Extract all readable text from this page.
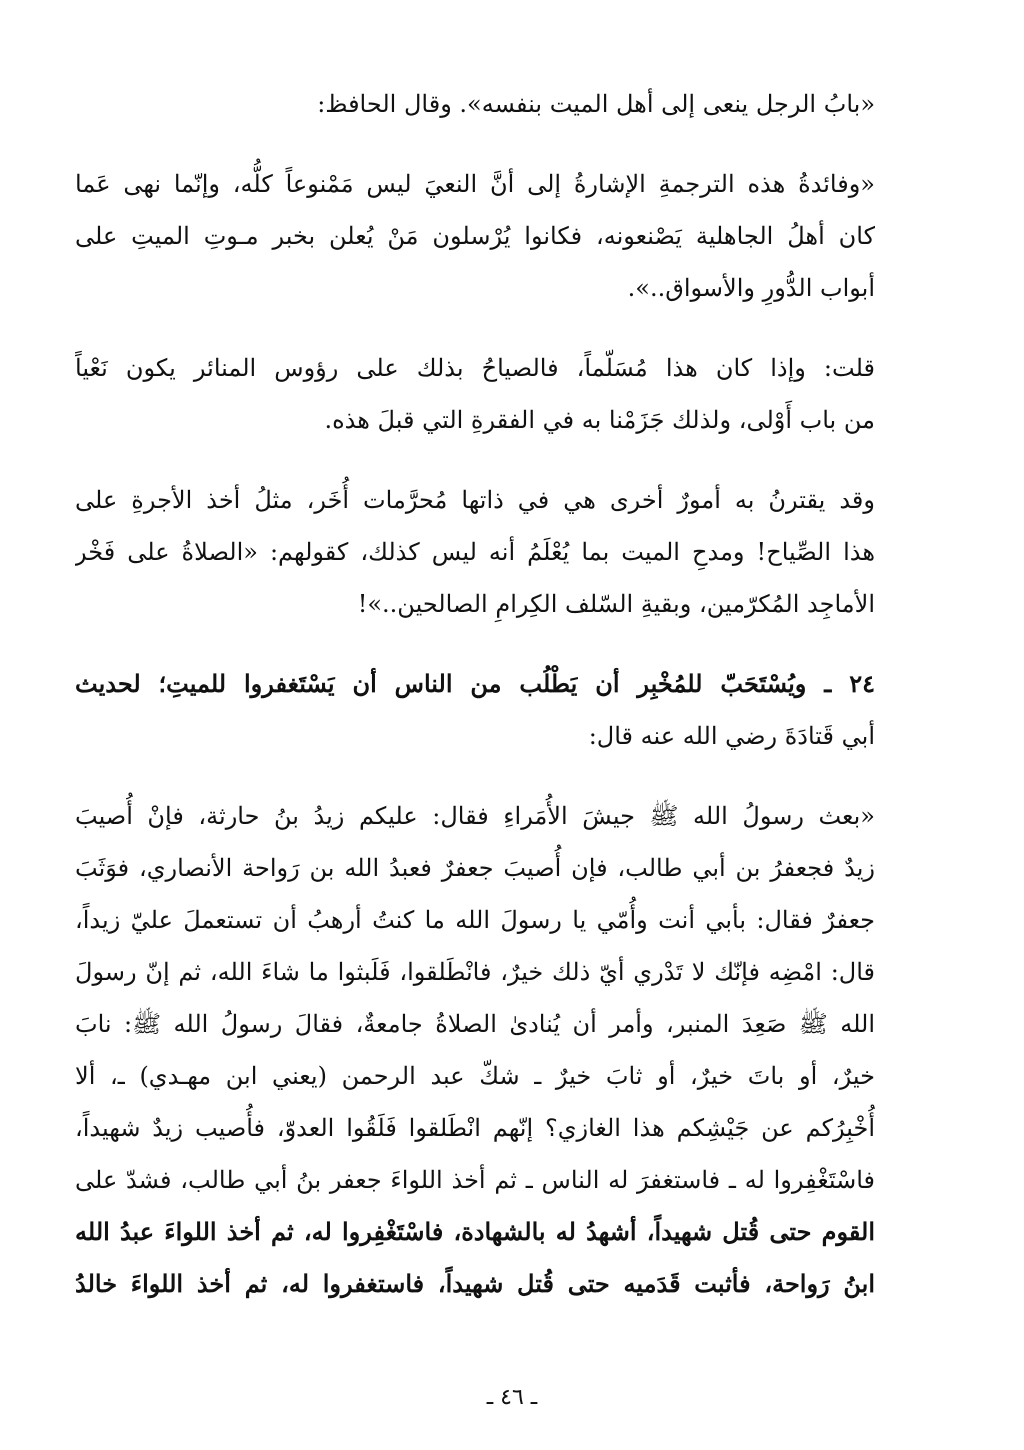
«بابُ الرجل ينعى إلى أهل الميت بنفسه». وقال الحافظ:
«وفائدةُ هذه الترجمةِ الإشارةُ إلى أنَّ النعيَ ليس مَمْنوعاً كلُّه، وإنّما نهى عَما
كان أهلُ الجاهلية يَصْنعونه، فكانوا يُرْسلون مَنْ يُعلن بخبر مـوتِ الميتِ على
أبواب الدُّورِ والأسواق..».
قلت: وإذا كان هذا مُسَلّماً، فالصياحُ بذلك على رؤوس المنائر يكون نَعْياً
من باب أَوْلى، ولذلك جَزَمْنا به في الفقرةِ التي قبلَ هذه.
وقد يقترنُ به أمورٌ أخرى هي في ذاتها مُحرَّمات أُخَر، مثلُ أخذ الأجرةِ على
هذا الصِّياح! ومدحِ الميت بما يُعْلَمُ أنه ليس كذلك، كقولهم: «الصلاةُ على فَخْر
الأماجِد المُكرّمين، وبقيةِ السّلف الكِرامِ الصالحين..»!
٢٤ ـ ويُسْتَحَبّ للمُخْبِر أن يَطْلُب من الناس أن يَسْتَغفروا للميتِ؛ لحديث
أبي قَتادَةَ رضي الله عنه قال:
«بعث رسولُ الله ﷺ جيشَ الأُمَراءِ فقال: عليكم زيدُ بنُ حارثة، فإنْ أُصيبَ
زيدٌ فجعفرُ بن أبي طالب، فإن أُصيبَ جعفرٌ فعبدُ الله بن رَواحة الأنصاري، فوَثَبَ
جعفرٌ فقال: بأبي أنت وأُمّي يا رسولَ الله ما كنتُ أرهبُ أن تستعملَ عليّ زيداً،
قال: امْضِه فإنّك لا تَدْري أيّ ذلك خيرٌ، فانْطَلقوا، فَلَبثوا ما شاءَ الله، ثم إنّ رسولَ
الله ﷺ صَعِدَ المنبر، وأمر أن يُنادىٰ الصلاةُ جامعةٌ، فقالَ رسولُ الله ﷺ: نابَ
خيرٌ، أو باتَ خيرٌ، أو ثابَ خيرٌ ـ شكّ عبد الرحمن (يعني ابن مهـدي) ـ، ألا
أُخْبِرُكم عن جَيْشِكم هذا الغازي؟ إنّهم انْطَلقوا فَلَقُوا العدوّ، فأُصيب زيدٌ شهيداً،
فاسْتَغْفِروا له ـ فاستغفرَ له الناس ـ ثم أخذ اللواءَ جعفر بنُ أبي طالب، فشدّ على
القوم حتى قُتل شهيداً، أشهدُ له بالشهادة، فاسْتَغْفِروا له، ثم أخذ اللواءَ عبدُ الله
ابنُ رَواحة، فأثبت قَدَميه حتى قُتل شهيداً، فاستغفروا له، ثم أخذ اللواءَ خالدُ
ـ ٤٦ ـ
